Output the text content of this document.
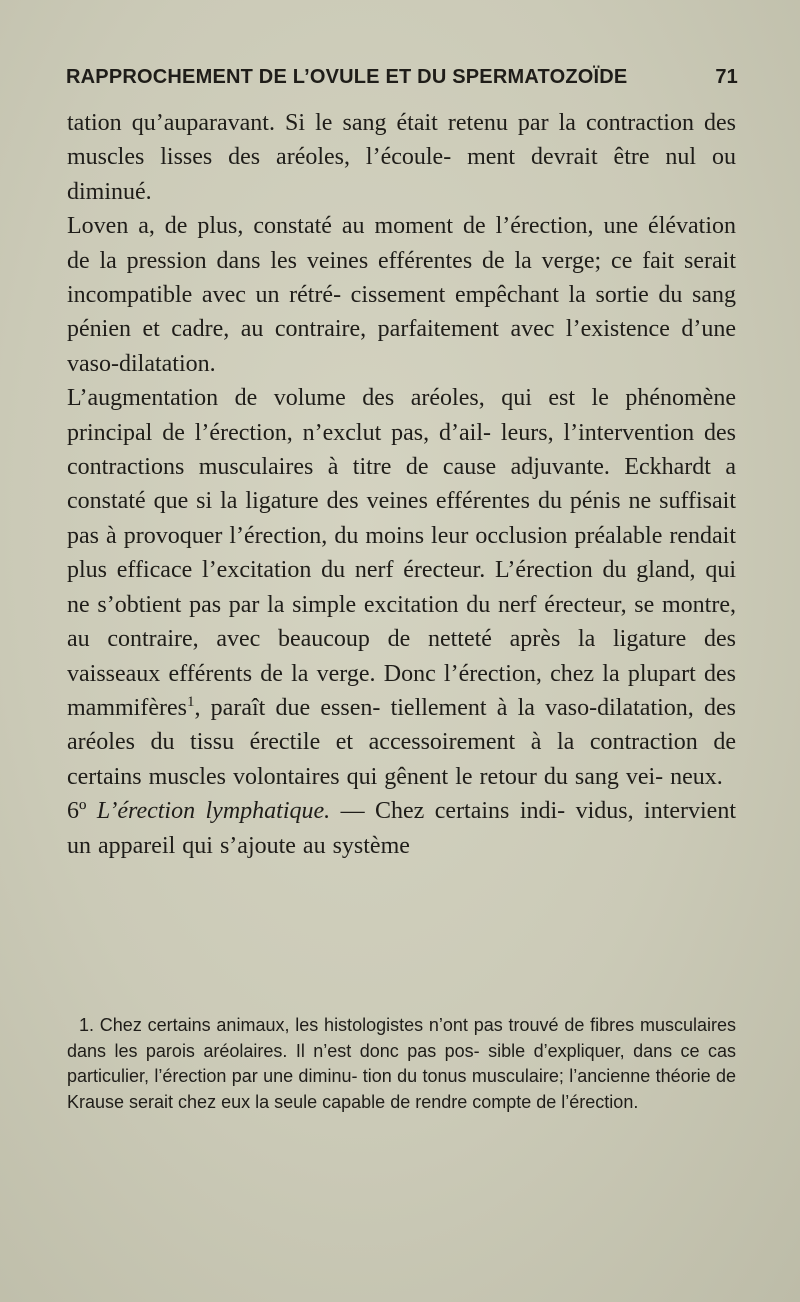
RAPPROCHEMENT DE L’OVULE ET DU SPERMATOZOÏDE	71

tation qu’auparavant. Si le sang était retenu par la contraction des muscles lisses des aréoles, l’écoule- ment devrait être nul ou diminué.

Loven a, de plus, constaté au moment de l’érection, une élévation de la pression dans les veines efférentes de la verge; ce fait serait incompatible avec un rétré- cissement empêchant la sortie du sang pénien et cadre, au contraire, parfaitement avec l’existence d’une vaso-dilatation.

L’augmentation de volume des aréoles, qui est le phénomène principal de l’érection, n’exclut pas, d’ail- leurs, l’intervention des contractions musculaires à titre de cause adjuvante. Eckhardt a constaté que si la ligature des veines efférentes du pénis ne suffisait pas à provoquer l’érection, du moins leur occlusion préalable rendait plus efficace l’excitation du nerf érecteur. L’érection du gland, qui ne s’obtient pas par la simple excitation du nerf érecteur, se montre, au contraire, avec beaucoup de netteté après la ligature des vaisseaux efférents de la verge. Donc l’érection, chez la plupart des mammifères$^1$, paraît due essen- tiellement à la vaso-dilatation, des aréoles du tissu érectile et accessoirement à la contraction de certains muscles volontaires qui gênent le retour du sang vei- neux.

6º L’érection lymphatique. — Chez certains indi- vidus, intervient un appareil qui s’ajoute au système

1. Chez certains animaux, les histologistes n’ont pas trouvé de fibres musculaires dans les parois aréolaires. Il n’est donc pas pos- sible d’expliquer, dans ce cas particulier, l’érection par une diminu- tion du tonus musculaire; l’ancienne théorie de Krause serait chez eux la seule capable de rendre compte de l’érection.
